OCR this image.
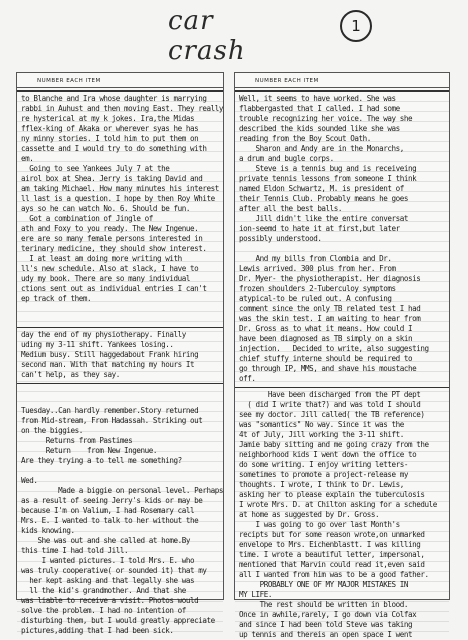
car crash
1
NUMBER EACH ITEM
to Blanche and Ira whose daughter is marrying
rabbi in Auhust and then moving East. They really
re hysterical at my k jokes. Ira,the Midas
fflex-king of Akaka or wherever syas he has
ny minny stories. I told him to put them on
cassette and I would try to do something with
em.
Going to see Yankees July 7 at the
airol box at Shea. Jerry is taking David and
am taking Michael. How many minutes his interest
ll last is a question. I hope by then Roy White
ays so he can watch No. 6. Should be fun.
Got a combination of Jingle of
ath and Foxy to you ready. The New Ingenue.
ere are so many female persons interested in
terinary medicine, they should show interest.
I at least am doing more writing with
ll's new schedule. Also at slack, I have to
udy my book. There are so many individual
ctions sent out as individual entries I can't
ep track of them.
day the end of my physiotherapy. Finally
uding my 3-11 shift. Yankees losing..
Medium busy. Still haggedabout Frank hiring
second man. With that matching my hours It
can't help, as they say.
Tuesday..Can hardly remember.Story returned
from Mid-stream, From Hadassah. Striking out
on the biggies.
Returns from Pastimes
Return    from New Ingenue.
Are they trying a to tell me something?
Wed.
Made a biggie on personal level. Perhaps
as a result of seeing Jerry's kids or may be
because I'm on Valium, I had Rosemary call
Mrs. E. I wanted to talk to her without the
kids knowing.
She was out and she called at home.By
this time I had told Jill.
I wanted pictures. I told Mrs. E. who
was truly cooperative( or sounded it) that my
her kept asking and that legally she was
ll the kid's grandmother. And that she
was liable to receive a visit. Photos would
solve the problem. I had no intention of
disturbing them, but I would greatly appreciate
pictures,adding that I had been sick.
NUMBER EACH ITEM
Well, it seems to have worked. She was
flabbergasted that I called. I had some
trouble recognizing her voice. The way she
described the kids sounded like she was
reading from the Boy Scout Oath.
Sharon and Andy are in the Monarchs,
a drum and bugle corps.
Steve is a tennis bug and is receiveing
private tennis lessons from someone I think
named Eldon Schwartz, M. is president of
their Tennis Club. Probably means he goes
after all the best balls.
Jill didn't like the entire conversat
ion-seemd to hate it at first,but later
possibly understood.
And my bills from Clombia and Dr.
Lewis arrived. 300 plus from her. From
Dr. Myer- the physiotherapist. Her diagnosis
frozen shoulders 2-Tuberculoy symptoms
atypical-to be ruled out. A confusing
comment since the only TB related test I had
was the skin test. I am waiting to hear from
Dr. Gross as to what it means. How could I
have been diagnosed as TB simply on a skin
injection.   Decided to write, also suggesting
chief stuffy interne should be required to
go through IP, MMS, and shave his moustache
off.
Have been discharged from the PT dept
( did I write that?) and was told I should
see my doctor. Jill called( the TB reference)
was "somantics" No way. Since it was the
4t of July, Jill working the 3-11 shift.
Jamie baby sitting and me going crazy from the
neighborhood kids I went down the office to
do some writing. I enjoy writing letters-
sometimes to promote a project-release my
thoughts. I wrote, I think to Dr. Lewis,
asking her to please explain the tuberculosis
I wrote Mrs. D. at Chilton asking for a schedule
at home as suggested by Dr. Gross.
I was going to go over last Month's
recipts but for some reason wrote,on unmarked
envelope to Mrs. Eichenblastt. I was killing
time. I wrote a beautiful letter, impersonal,
mentioned that Marvin could read it,even said
all I wanted from him was to be a good father.
PROBABLY ONE OF MY MAJOR MISTAKES IN
MY LIFE.
The rest should be written in blood.
Once in awhile,rarely, I go down via Colfax
and since I had been told Steve was taking
up tennis and thereis an open space I went
